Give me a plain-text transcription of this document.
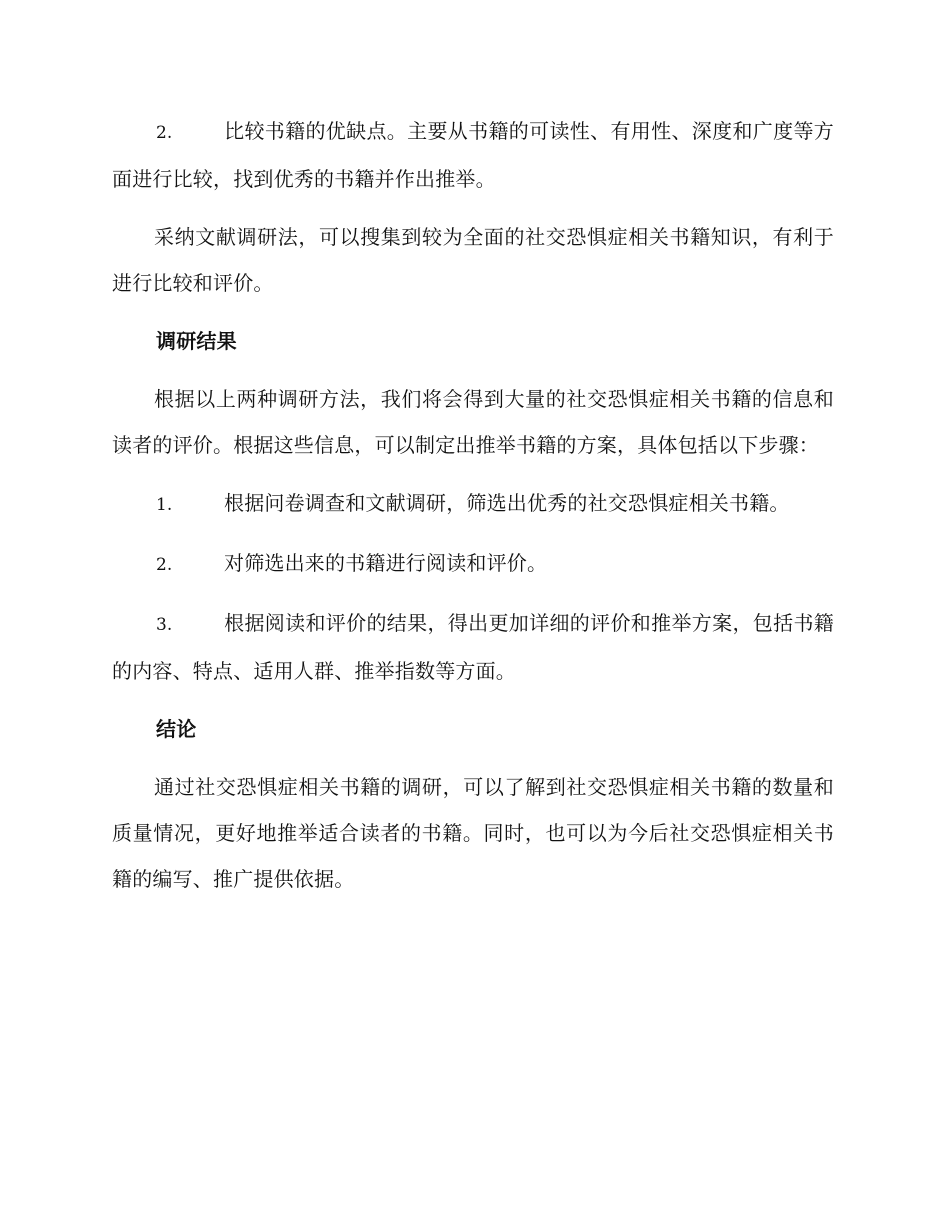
2.	比较书籍的优缺点。主要从书籍的可读性、有用性、深度和广度等方面进行比较，找到优秀的书籍并作出推举。

采纳文献调研法，可以搜集到较为全面的社交恐惧症相关书籍知识，有利于进行比较和评价。

调研结果

根据以上两种调研方法，我们将会得到大量的社交恐惧症相关书籍的信息和读者的评价。根据这些信息，可以制定出推举书籍的方案，具体包括以下步骤：

1.	根据问卷调查和文献调研，筛选出优秀的社交恐惧症相关书籍。

2.	对筛选出来的书籍进行阅读和评价。

3.	根据阅读和评价的结果，得出更加详细的评价和推举方案，包括书籍的内容、特点、适用人群、推举指数等方面。

结论

通过社交恐惧症相关书籍的调研，可以了解到社交恐惧症相关书籍的数量和质量情况，更好地推举适合读者的书籍。同时，也可以为今后社交恐惧症相关书籍的编写、推广提供依据。
